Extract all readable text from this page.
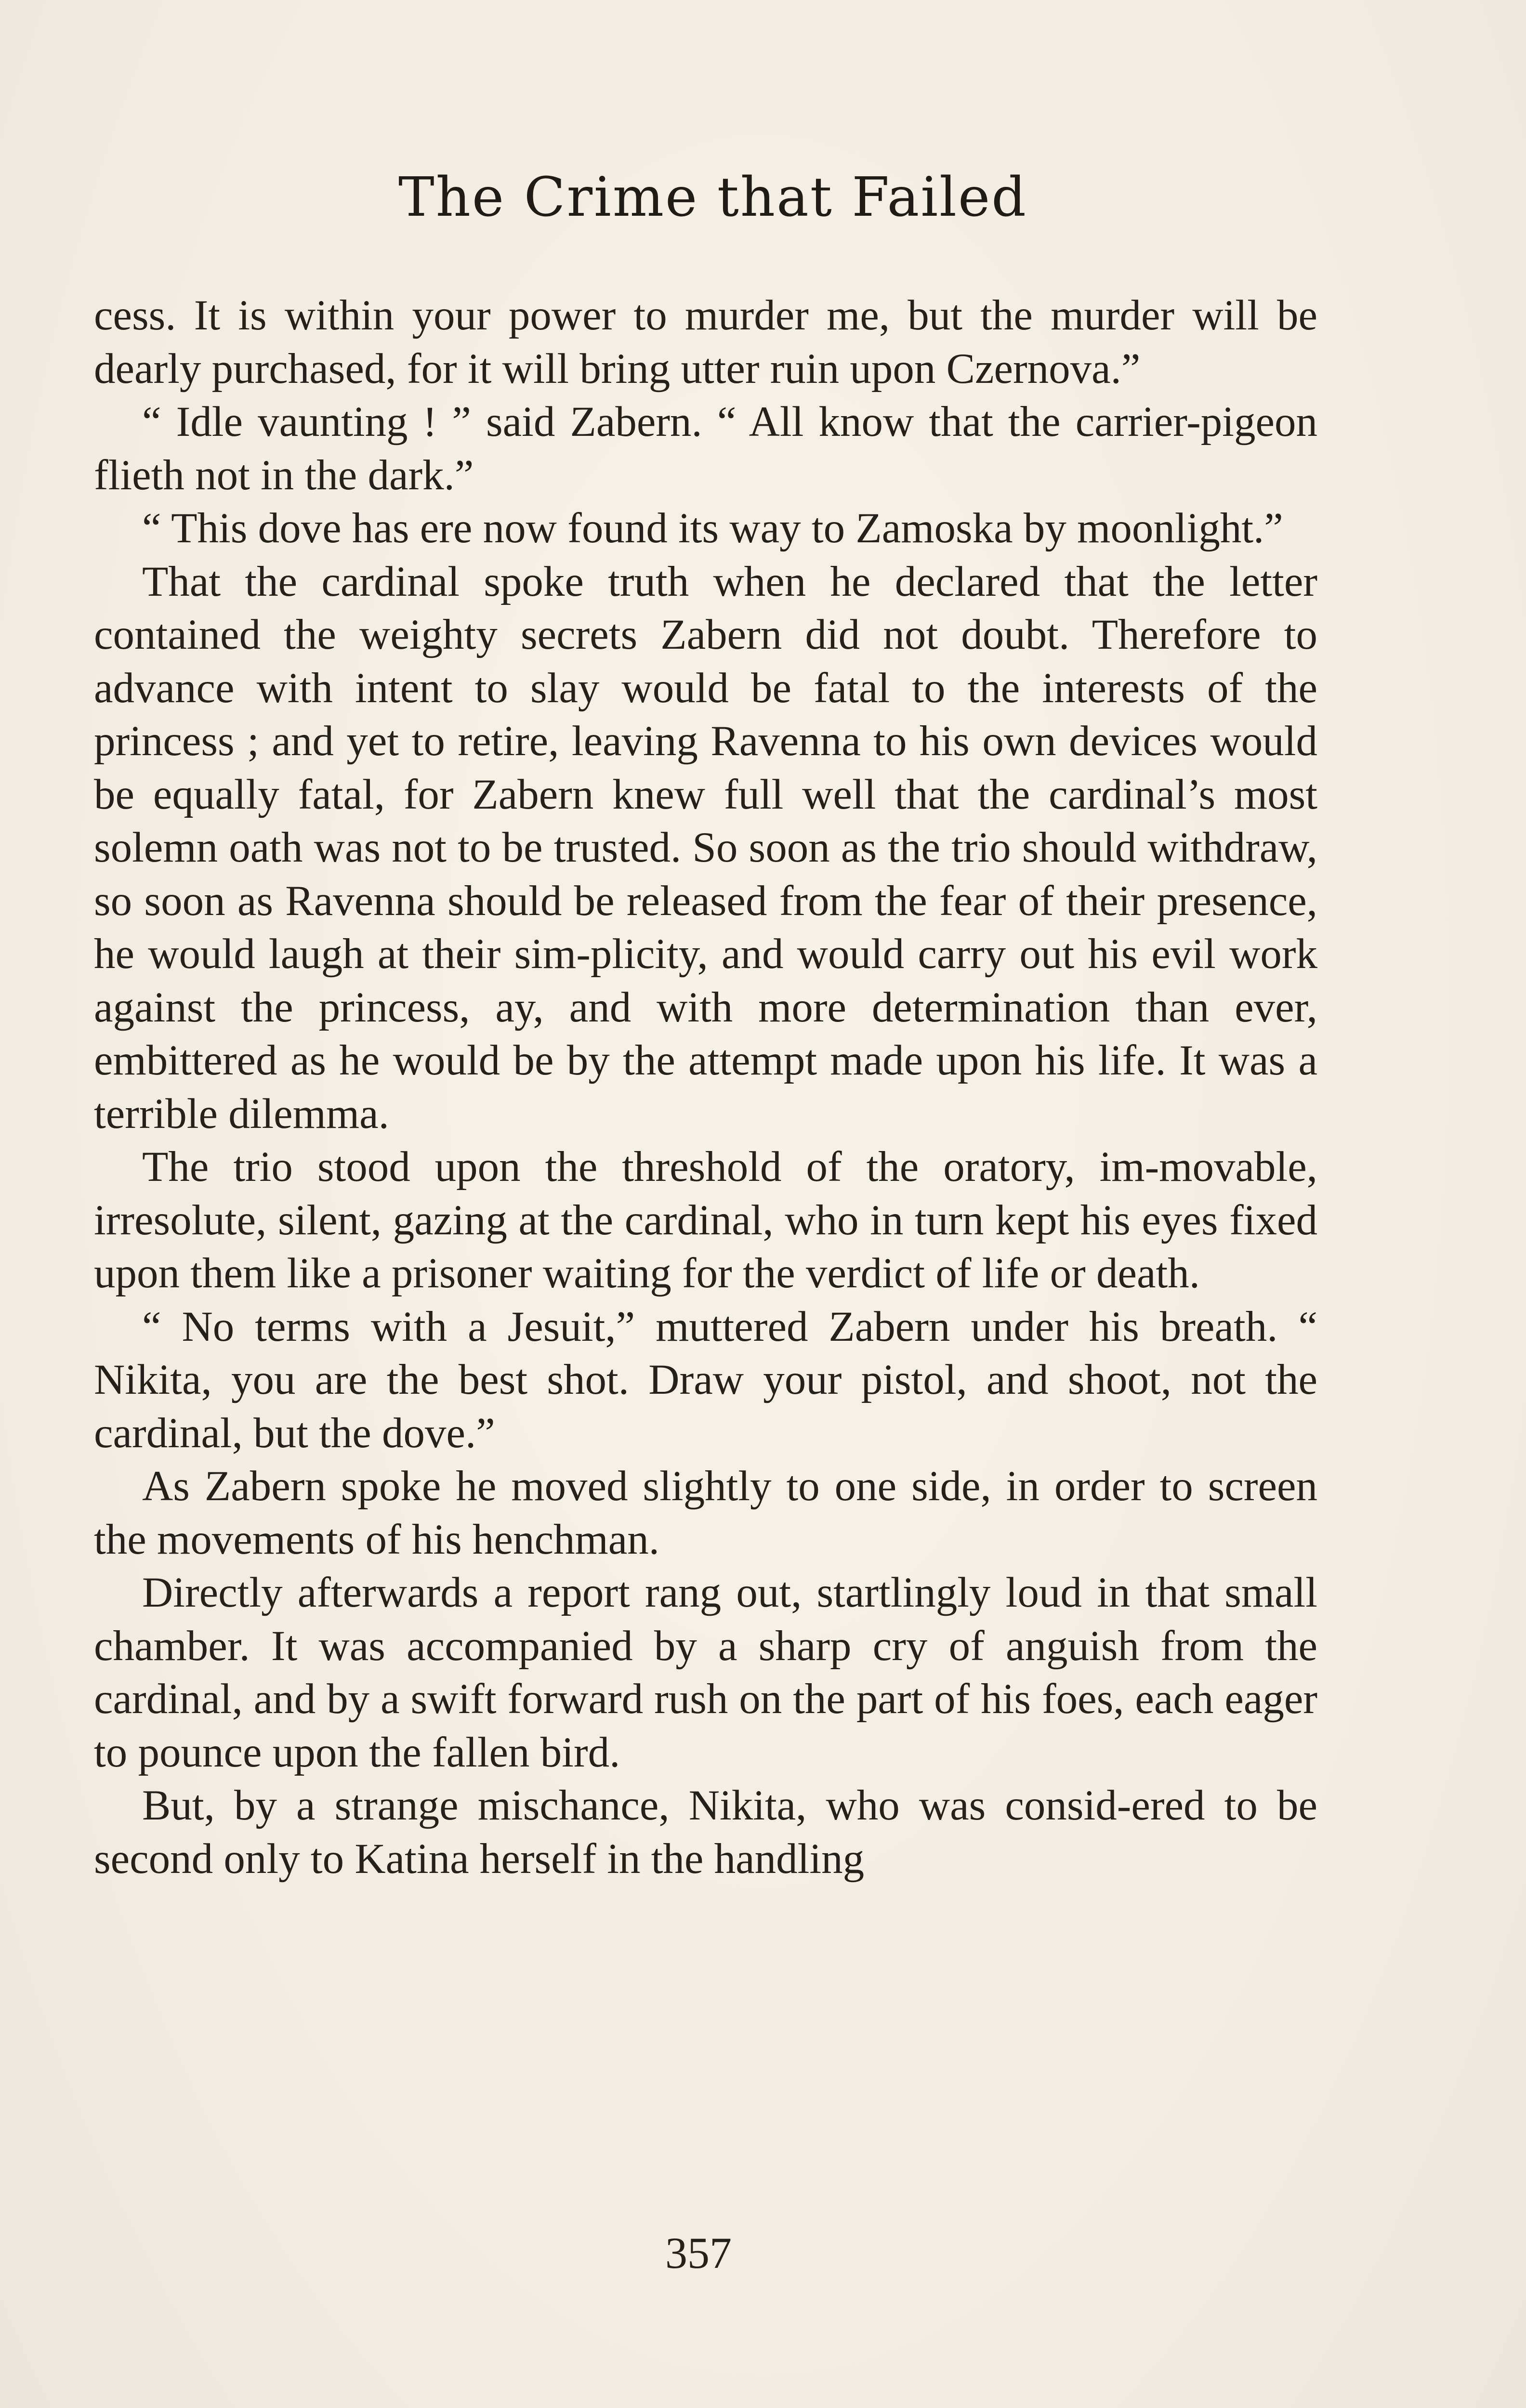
The Crime that Failed

cess. It is within your power to murder me, but the murder will be dearly purchased, for it will bring utter ruin upon Czernova.”

“ Idle vaunting ! ” said Zabern. “ All know that the carrier-pigeon flieth not in the dark.”

“ This dove has ere now found its way to Zamoska by moonlight.”

That the cardinal spoke truth when he declared that the letter contained the weighty secrets Zabern did not doubt. Therefore to advance with intent to slay would be fatal to the interests of the princess ; and yet to retire, leaving Ravenna to his own devices would be equally fatal, for Zabern knew full well that the cardinal’s most solemn oath was not to be trusted. So soon as the trio should withdraw, so soon as Ravenna should be released from the fear of their presence, he would laugh at their sim-plicity, and would carry out his evil work against the princess, ay, and with more determination than ever, embittered as he would be by the attempt made upon his life. It was a terrible dilemma.

The trio stood upon the threshold of the oratory, im-movable, irresolute, silent, gazing at the cardinal, who in turn kept his eyes fixed upon them like a prisoner waiting for the verdict of life or death.

“ No terms with a Jesuit,” muttered Zabern under his breath. “ Nikita, you are the best shot. Draw your pistol, and shoot, not the cardinal, but the dove.”

As Zabern spoke he moved slightly to one side, in order to screen the movements of his henchman.

Directly afterwards a report rang out, startlingly loud in that small chamber. It was accompanied by a sharp cry of anguish from the cardinal, and by a swift forward rush on the part of his foes, each eager to pounce upon the fallen bird.

But, by a strange mischance, Nikita, who was consid-ered to be second only to Katina herself in the handling

357
